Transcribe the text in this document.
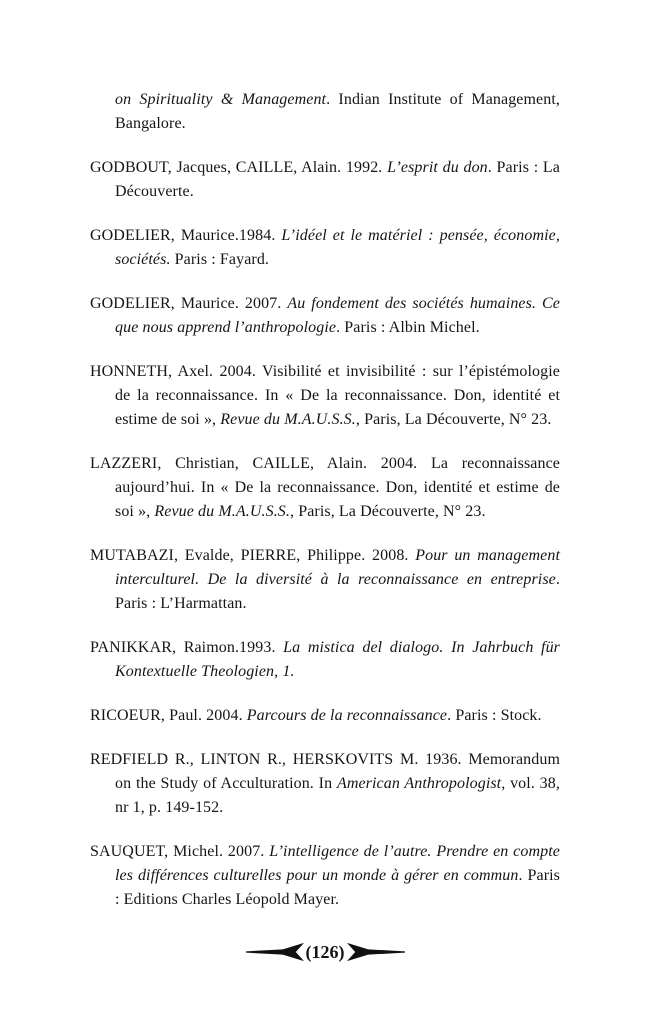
on Spirituality & Management. Indian Institute of Management, Bangalore.
GODBOUT, Jacques, CAILLE, Alain. 1992. L’esprit du don. Paris : La Découverte.
GODELIER, Maurice.1984. L’idéel et le matériel : pensée, économie, sociétés. Paris : Fayard.
GODELIER, Maurice. 2007. Au fondement des sociétés humaines. Ce que nous apprend l’anthropologie. Paris : Albin Michel.
HONNETH, Axel. 2004. Visibilité et invisibilité : sur l’épistémologie de la reconnaissance. In « De la reconnaissance. Don, identité et estime de soi », Revue du M.A.U.S.S., Paris, La Découverte, N° 23.
LAZZERI, Christian, CAILLE, Alain. 2004. La reconnaissance aujourd’hui. In « De la reconnaissance. Don, identité et estime de soi », Revue du M.A.U.S.S., Paris, La Découverte, N° 23.
MUTABAZI, Evalde, PIERRE, Philippe. 2008. Pour un management interculturel. De la diversité à la reconnaissance en entreprise. Paris : L’Harmattan.
PANIKKAR, Raimon.1993. La mistica del dialogo. In Jahrbuch für Kontextuelle Theologien, 1.
RICOEUR, Paul. 2004. Parcours de la reconnaissance. Paris : Stock.
REDFIELD R., LINTON R., HERSKOVITS M. 1936. Memorandum on the Study of Acculturation. In American Anthropologist, vol. 38, nr 1, p. 149-152.
SAUQUET, Michel. 2007. L’intelligence de l’autre. Prendre en compte les différences culturelles pour un monde à gérer en commun. Paris : Editions Charles Léopold Mayer.
(126)
